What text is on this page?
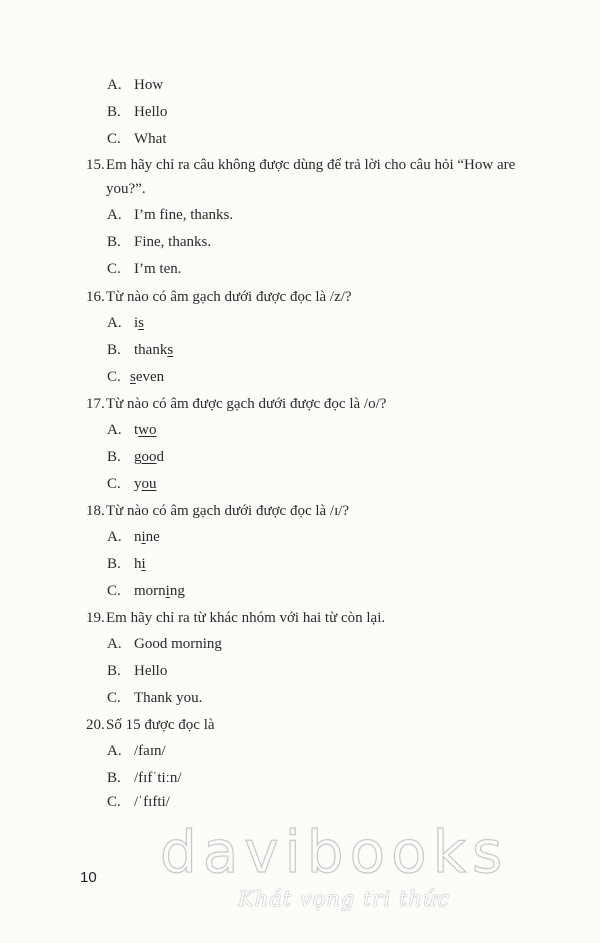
A. How
B. Hello
C. What
15.Em hãy chỉ ra câu không được dùng để trả lời cho câu hỏi “How are
you?”.
A. I’m fine, thanks.
B. Fine, thanks.
C. I’m ten.
16.Từ nào có âm gạch dưới được đọc là /z/?
A. is
B. thanks
C. seven
17.Từ nào có âm được gạch dưới được đọc là /o/?
A. two
B. good
C. you
18.Từ nào có âm gạch dưới được đọc là /ɪ/?
A. nine
B. hi
C. morning
19.Em hãy chỉ ra từ khác nhóm với hai từ còn lại.
A. Good morning
B. Hello
C. Thank you.
20.Số 15 được đọc là
A. /faɪn/
B. /fɪfˈtiːn/
C. /ˈfɪfti/
10 davibooks
Khát vọng tri thức
